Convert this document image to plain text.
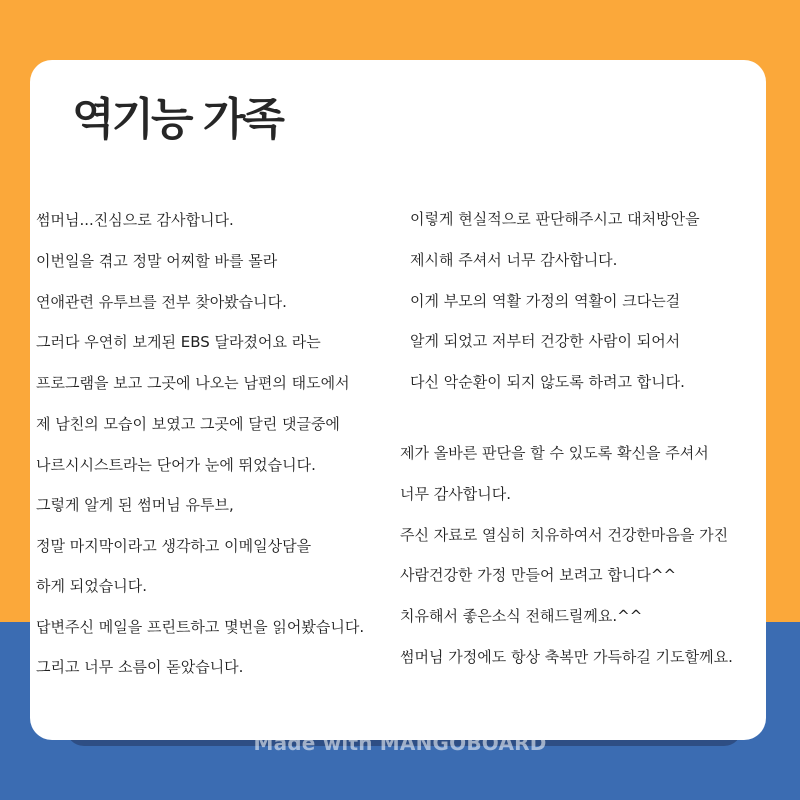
역기능 가족
썸머님...진심으로 감사합니다.
이번일을 겪고 정말 어찌할 바를 몰라
연애관련 유투브를 전부 찾아봤습니다.
그러다 우연히 보게된 EBS 달라졌어요 라는
프로그램을 보고 그곳에 나오는 남편의 태도에서
제 남친의 모습이 보였고 그곳에 달린 댓글중에
나르시시스트라는 단어가 눈에 뛰었습니다.
그렇게 알게 된 썸머님 유투브,
정말 마지막이라고 생각하고 이메일상담을
하게 되었습니다.
답변주신 메일을 프린트하고 몇번을 읽어봤습니다.
그리고 너무 소름이 돋았습니다.
이렇게 현실적으로 판단해주시고 대처방안을
제시해 주셔서 너무 감사합니다.
이게 부모의 역활 가정의 역활이 크다는걸
알게 되었고 저부터 건강한 사람이 되어서
다신 악순환이 되지 않도록 하려고 합니다.
제가 올바른 판단을 할 수 있도록 확신을 주셔서
너무 감사합니다.
주신 자료로 열심히 치유하여서 건강한마음을 가진
사람건강한 가정 만들어 보려고 합니다^^
치유해서 좋은소식 전해드릴께요.^^
썸머님 가정에도 항상 축복만 가득하길 기도할께요.
Made with MANGOBOARD
